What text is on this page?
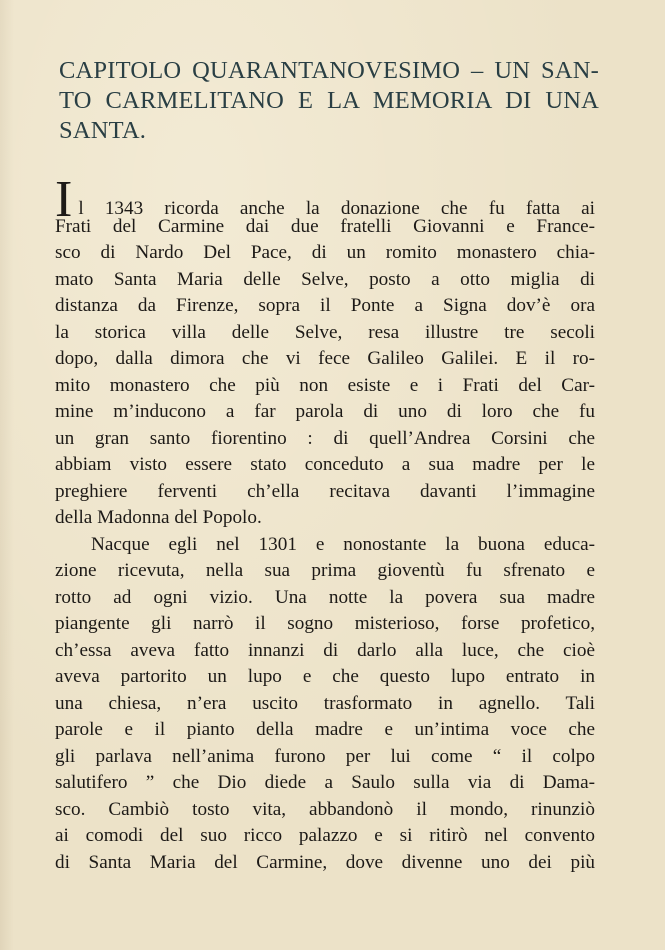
CAPITOLO QUARANTANOVESIMO – UN SAN-
TO CARMELITANO E LA MEMORIA DI UNA
SANTA.
Il 1343 ricorda anche la donazione che fu fatta ai
Frati del Carmine dai due fratelli Giovanni e France-
sco di Nardo Del Pace, di un romito monastero chia-
mato Santa Maria delle Selve, posto a otto miglia di
distanza da Firenze, sopra il Ponte a Signa dov’è ora
la storica villa delle Selve, resa illustre tre secoli
dopo, dalla dimora che vi fece Galileo Galilei. E il ro-
mito monastero che più non esiste e i Frati del Car-
mine m’inducono a far parola di uno di loro che fu
un gran santo fiorentino : di quell’Andrea Corsini che
abbiam visto essere stato conceduto a sua madre per le
preghiere ferventi ch’ella recitava davanti l’immagine
della Madonna del Popolo.
Nacque egli nel 1301 e nonostante la buona educa-
zione ricevuta, nella sua prima gioventù fu sfrenato e
rotto ad ogni vizio. Una notte la povera sua madre
piangente gli narrò il sogno misterioso, forse profetico,
ch’essa aveva fatto innanzi di darlo alla luce, che cioè
aveva partorito un lupo e che questo lupo entrato in
una chiesa, n’era uscito trasformato in agnello. Tali
parole e il pianto della madre e un’intima voce che
gli parlava nell’anima furono per lui come “ il colpo
salutifero ” che Dio diede a Saulo sulla via di Dama-
sco. Cambiò tosto vita, abbandonò il mondo, rinunziò
ai comodi del suo ricco palazzo e si ritirò nel convento
di Santa Maria del Carmine, dove divenne uno dei più
